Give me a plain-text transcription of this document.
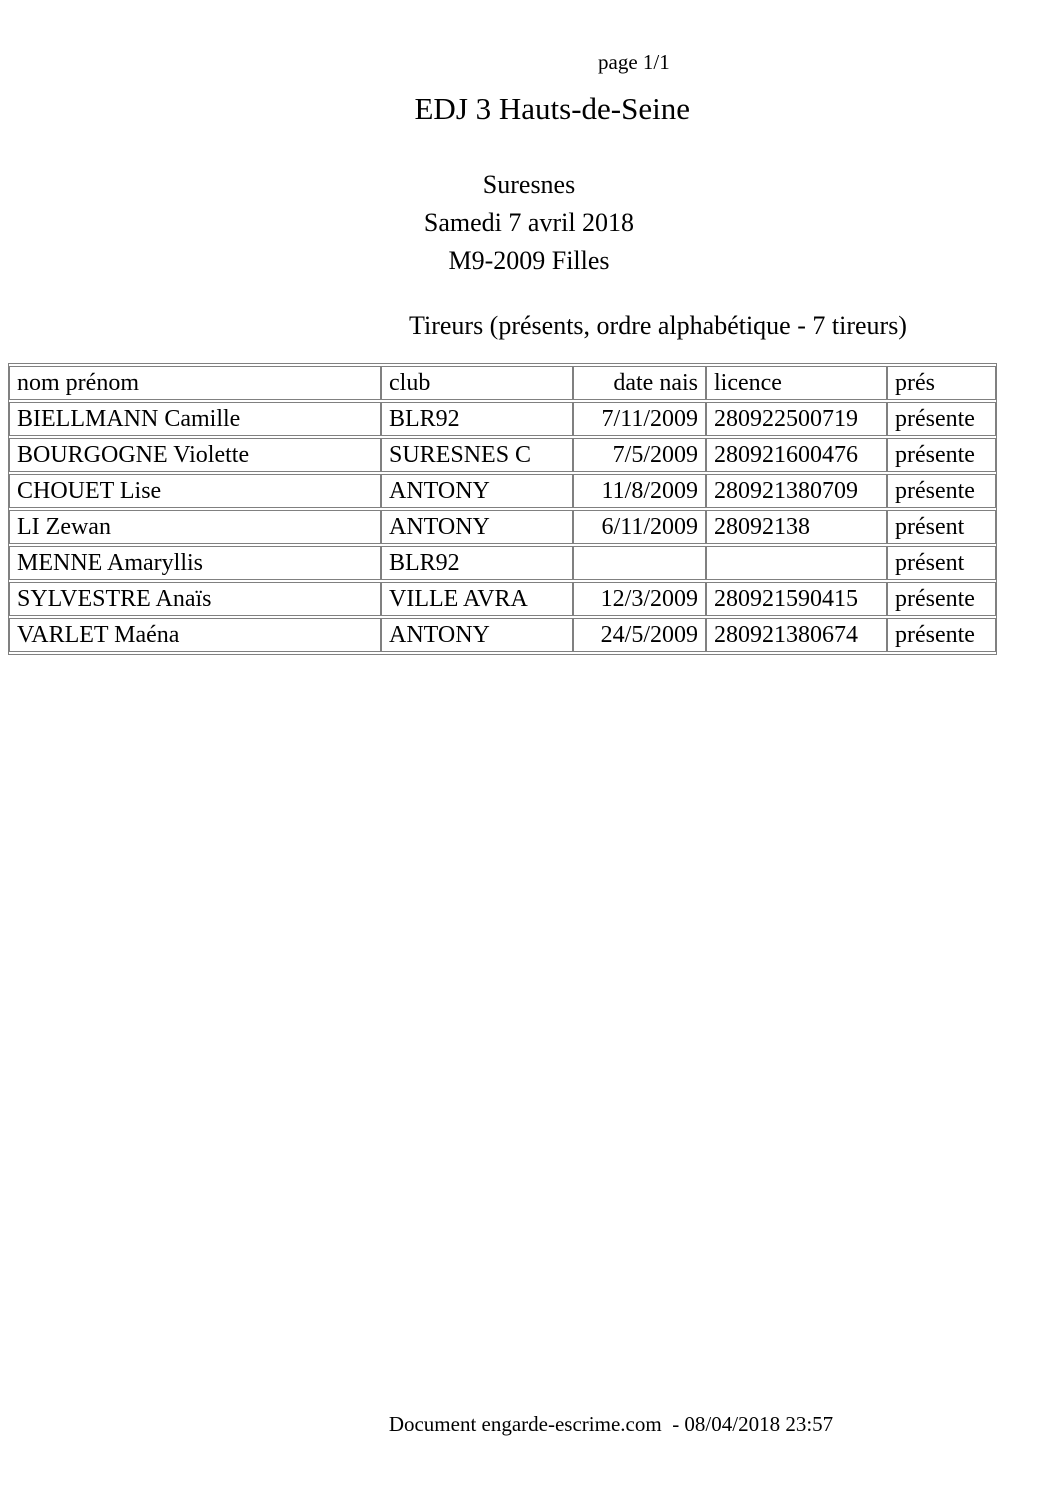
EDJ 3 Hauts-de-Seine

Suresnes
Samedi 7 avril 2018
M9-2009 Filles
page 1/1
Tireurs (présents, ordre alphabétique - 7 tireurs)
nom prénom	club	date nais	licence	prés
BIELLMANN Camille	BLR92	7/11/2009	280922500719	présente
BOURGOGNE Violette	SURESNES C	7/5/2009	280921600476	présente
CHOUET Lise	ANTONY	11/8/2009	280921380709	présente
LI Zewan	ANTONY	6/11/2009	28092138	présent
MENNE Amaryllis	BLR92			présent
SYLVESTRE Anaïs	VILLE AVRA	12/3/2009	280921590415	présente
VARLET Maéna	ANTONY	24/5/2009	280921380674	présente
Document engarde-escrime.com  - 08/04/2018 23:57
